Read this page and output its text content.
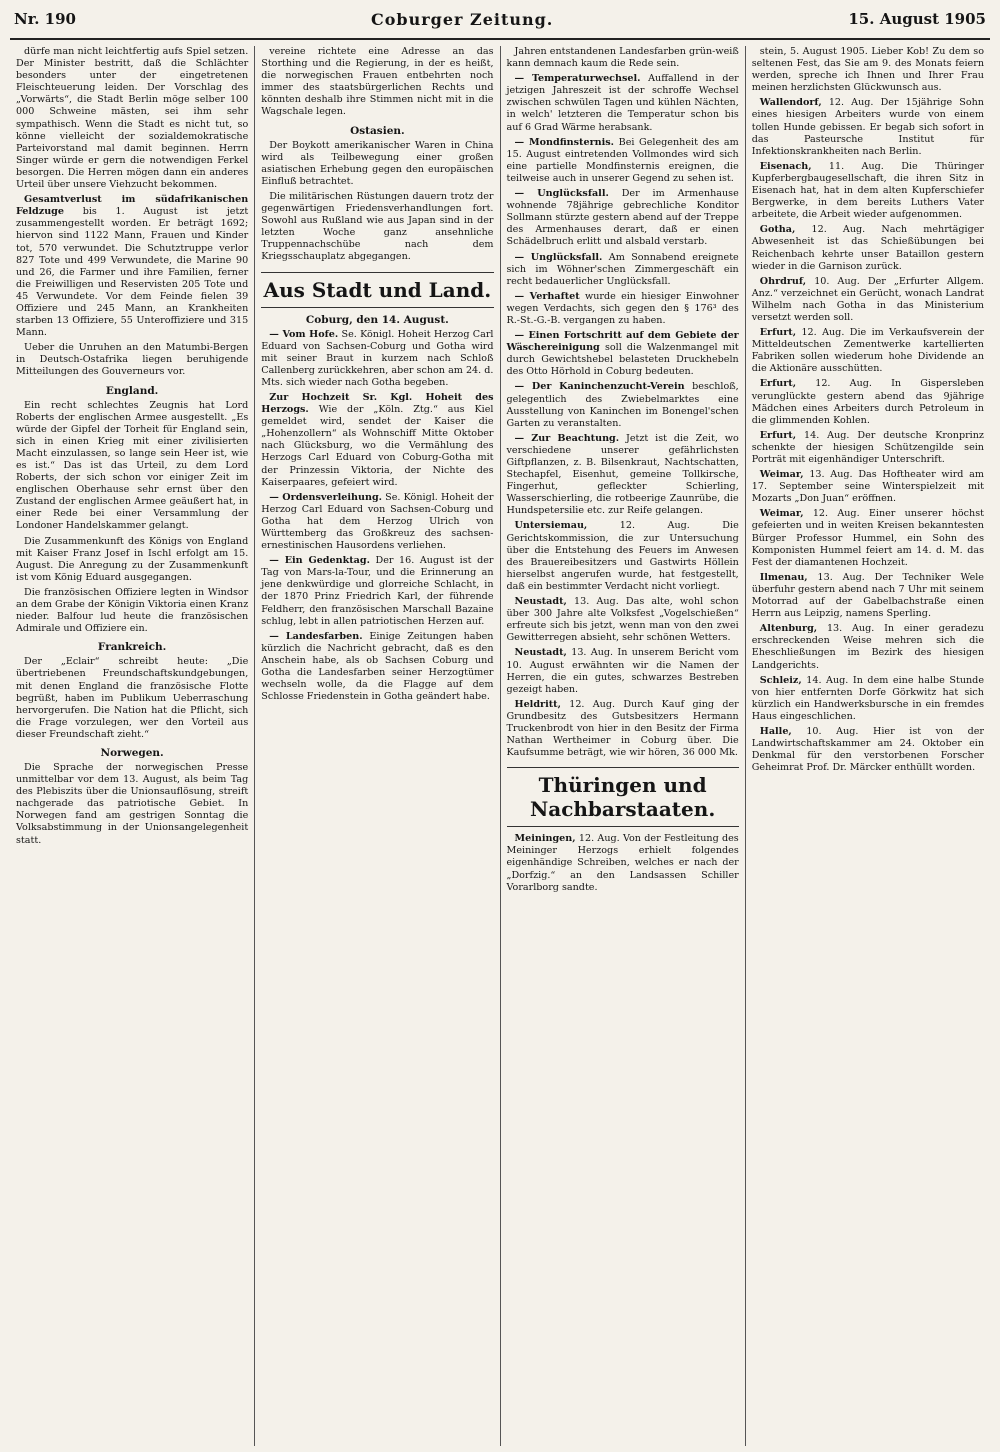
Nr. 190	Coburger Zeitung.	15. August 1905

dürfe man nicht leichtfertig aufs Spiel setzen. Der Minister bestritt, daß die Schlächter besonders unter der eingetretenen Fleischteuerung leiden. Der Vorschlag des „Vorwärts“, die Stadt Berlin möge selber 100 000 Schweine mästen, sei ihm sehr sympathisch. Wenn die Stadt es nicht tut, so könne vielleicht der sozialdemokratische Parteivorstand mal damit beginnen. Herrn Singer würde er gern die notwendigen Ferkel besorgen. Die Herren mögen dann ein anderes Urteil über unsere Viehzucht bekommen.

Gesamtverlust im südafrikanischen Feldzuge bis 1. August ist jetzt zusammengestellt worden. Er beträgt 1692; hiervon sind 1122 Mann, Frauen und Kinder tot, 570 verwundet. Die Schutztruppe verlor 827 Tote und 499 Verwundete, die Marine 90 und 26, die Farmer und ihre Familien, ferner die Freiwilligen und Reservisten 205 Tote und 45 Verwundete. Vor dem Feinde fielen 39 Offiziere und 245 Mann, an Krankheiten starben 13 Offiziere, 55 Unteroffiziere und 315 Mann.

Ueber die Unruhen an den Matumbi-Bergen in Deutsch-Ostafrika liegen beruhigende Mitteilungen des Gouverneurs vor.

England.

Ein recht schlechtes Zeugnis hat Lord Roberts der englischen Armee ausgestellt. „Es würde der Gipfel der Torheit für England sein, sich in einen Krieg mit einer zivilisierten Macht einzulassen, so lange sein Heer ist, wie es ist.“ Das ist das Urteil, zu dem Lord Roberts, der sich schon vor einiger Zeit im englischen Oberhause sehr ernst über den Zustand der englischen Armee geäußert hat, in einer Rede bei einer Versammlung der Londoner Handelskammer gelangt.

Die Zusammenkunft des Königs von England mit Kaiser Franz Josef in Ischl erfolgt am 15. August. Die Anregung zu der Zusammenkunft ist vom König Eduard ausgegangen.

Die französischen Offiziere legten in Windsor an dem Grabe der Königin Viktoria einen Kranz nieder. Balfour lud heute die französischen Admirale und Offiziere ein.

Frankreich.

Der „Eclair“ schreibt heute: „Die übertriebenen Freundschaftskundgebungen, mit denen England die französische Flotte begrüßt, haben im Publikum Ueberraschung hervorgerufen. Die Nation hat die Pflicht, sich die Frage vorzulegen, wer den Vorteil aus dieser Freundschaft zieht.“

Norwegen.

Die Sprache der norwegischen Presse unmittelbar vor dem 13. August, als beim Tag des Plebiszits über die Unionsauflösung, streift nachgerade das patriotische Gebiet. In Norwegen fand am gestrigen Sonntag die Volksabstimmung in der Unionsangelegenheit statt.

vereine richtete eine Adresse an das Storthing und die Regierung, in der es heißt, die norwegischen Frauen entbehrten noch immer des staatsbürgerlichen Rechts und könnten deshalb ihre Stimmen nicht mit in die Wagschale legen.

Ostasien.

Der Boykott amerikanischer Waren in China wird als Teilbewegung einer großen asiatischen Erhebung gegen den europäischen Einfluß betrachtet.

Die militärischen Rüstungen dauern trotz der gegenwärtigen Friedensverhandlungen fort. Sowohl aus Rußland wie aus Japan sind in der letzten Woche ganz ansehnliche Truppennachschübe nach dem Kriegsschauplatz abgegangen.

Aus Stadt und Land.
Coburg, den 14. August.

— Vom Hofe. Se. Königl. Hoheit Herzog Carl Eduard von Sachsen-Coburg und Gotha wird mit seiner Braut in kurzem nach Schloß Callenberg zurückkehren, aber schon am 24. d. Mts. sich wieder nach Gotha begeben.

Zur Hochzeit Sr. Kgl. Hoheit des Herzogs. Wie der „Köln. Ztg.“ aus Kiel gemeldet wird, sendet der Kaiser die „Hohenzollern“ als Wohnschiff Mitte Oktober nach Glücksburg, wo die Vermählung des Herzogs Carl Eduard von Coburg-Gotha mit der Prinzessin Viktoria, der Nichte des Kaiserpaares, gefeiert wird.

— Ordensverleihung. Se. Königl. Hoheit der Herzog Carl Eduard von Sachsen-Coburg und Gotha hat dem Herzog Ulrich von Württemberg das Großkreuz des sachsen-ernestinischen Hausordens verliehen.

— Ein Gedenktag. Der 16. August ist der Tag von Mars-la-Tour, und die Erinnerung an jene denkwürdige und glorreiche Schlacht, in der 1870 Prinz Friedrich Karl, der führende Feldherr, den französischen Marschall Bazaine schlug, lebt in allen patriotischen Herzen auf.

— Landesfarben. Einige Zeitungen haben kürzlich die Nachricht gebracht, daß es den Anschein habe, als ob Sachsen Coburg und Gotha die Landesfarben seiner Herzogtümer wechseln wolle, da die Flagge auf dem Schlosse Friedenstein in Gotha geändert habe.

Jahren entstandenen Landesfarben grün-weiß kann demnach kaum die Rede sein.

— Temperaturwechsel. Auffallend in der jetzigen Jahreszeit ist der schroffe Wechsel zwischen schwülen Tagen und kühlen Nächten, in welch' letzteren die Temperatur schon bis auf 6 Grad Wärme herabsank.

— Mondfinsternis. Bei Gelegenheit des am 15. August eintretenden Vollmondes wird sich eine partielle Mondfinsternis ereignen, die teilweise auch in unserer Gegend zu sehen ist.

— Unglücksfall. Der im Armenhause wohnende 78jährige gebrechliche Konditor Sollmann stürzte gestern abend auf der Treppe des Armenhauses derart, daß er einen Schädelbruch erlitt und alsbald verstarb.

— Unglücksfall. Am Sonnabend ereignete sich im Wöhner'schen Zimmergeschäft ein recht bedauerlicher Unglücksfall.

— Verhaftet wurde ein hiesiger Einwohner wegen Verdachts, sich gegen den § 176³ des R.-St.-G.-B. vergangen zu haben.

— Einen Fortschritt auf dem Gebiete der Wäschereinigung soll die Walzenmangel mit durch Gewichtshebel belasteten Druckhebeln des Otto Hörhold in Coburg bedeuten.

— Der Kaninchenzucht-Verein beschloß, gelegentlich des Zwiebelmarktes eine Ausstellung von Kaninchen im Bonengel'schen Garten zu veranstalten.

— Zur Beachtung. Jetzt ist die Zeit, wo verschiedene unserer gefährlichsten Giftpflanzen, z. B. Bilsenkraut, Nachtschatten, Stechapfel, Eisenhut, gemeine Tollkirsche, Fingerhut, gefleckter Schierling, Wasserschierling, die rotbeerige Zaunrübe, die Hundspetersilie etc. zur Reife gelangen.

Untersiemau,	12. Aug. Die Gerichtskommission, die zur Untersuchung über die Entstehung des Feuers im Anwesen des Brauereibesitzers und Gastwirts Höllein hierselbst angerufen wurde, hat festgestellt, daß ein bestimmter Verdacht nicht vorliegt.

Neustadt, 13. Aug. Das alte, wohl schon über 300 Jahre alte Volksfest „Vogelschießen“ erfreute sich bis jetzt, wenn man von den zwei Gewitterregen absieht, sehr schönen Wetters.

Neustadt, 13. Aug. In unserem Bericht vom 10. August erwähnten wir die Namen der Herren, die ein gutes, schwarzes Bestreben gezeigt haben.

Heldritt, 12. Aug. Durch Kauf ging der Grundbesitz des Gutsbesitzers Hermann Truckenbrodt von hier in den Besitz der Firma Nathan Wertheimer in Coburg über. Die Kaufsumme beträgt, wie wir hören, 36 000 Mk.

Thüringen und Nachbarstaaten.

Meiningen, 12. Aug. Von der Festleitung des Meininger Herzogs erhielt folgendes eigenhändige Schreiben, welches er nach der „Dorfzig.“ an den Landsassen Schiller Vorarlborg sandte.

stein, 5. August 1905. Lieber Kob! Zu dem so seltenen Fest, das Sie am 9. des Monats feiern werden, spreche ich Ihnen und Ihrer Frau meinen herzlichsten Glückwunsch aus.

Wallendorf, 12. Aug. Der 15jährige Sohn eines hiesigen Arbeiters wurde von einem tollen Hunde gebissen. Er begab sich sofort in das Pasteursche Institut für Infektionskrankheiten nach Berlin.

Eisenach, 11. Aug. Die Thüringer Kupferbergbaugesellschaft, die ihren Sitz in Eisenach hat, hat in dem alten Kupferschiefer Bergwerke, in dem bereits Luthers Vater arbeitete, die Arbeit wieder aufgenommen.

Gotha, 12. Aug. Nach mehrtägiger Abwesenheit ist das Schießübungen bei Reichenbach kehrte unser Bataillon gestern wieder in die Garnison zurück.

Ohrdruf, 10. Aug. Der „Erfurter Allgem. Anz.“ verzeichnet ein Gerücht, wonach Landrat Wilhelm nach Gotha in das Ministerium versetzt werden soll.

Erfurt, 12. Aug. Die im Verkaufsverein der Mitteldeutschen Zementwerke kartellierten Fabriken sollen wiederum hohe Dividende an die Aktionäre ausschütten.

Erfurt, 12. Aug. In Gispersleben verunglückte gestern abend das 9jährige Mädchen eines Arbeiters durch Petroleum in die glimmenden Kohlen.

Erfurt, 14. Aug. Der deutsche Kronprinz schenkte der hiesigen Schützengilde sein Porträt mit eigenhändiger Unterschrift.

Weimar, 13. Aug. Das Hoftheater wird am 17. September seine Winterspielzeit mit Mozarts „Don Juan“ eröffnen.

Weimar, 12. Aug. Einer unserer höchst gefeierten und in weiten Kreisen bekanntesten Bürger Professor Hummel, ein Sohn des Komponisten Hummel feiert am 14. d. M. das Fest der diamantenen Hochzeit.

Ilmenau, 13. Aug. Der Techniker Wele überfuhr gestern abend nach 7 Uhr mit seinem Motorrad auf der Gabelbachstraße einen Herrn aus Leipzig, namens Sperling.

Altenburg, 13. Aug. In einer geradezu erschreckenden Weise mehren sich die Eheschließungen im Bezirk des hiesigen Landgerichts.

Schleiz, 14. Aug. In dem eine halbe Stunde von hier entfernten Dorfe Görkwitz hat sich kürzlich ein Handwerksbursche in ein fremdes Haus eingeschlichen.

Halle, 10. Aug. Hier ist von der Landwirtschaftskammer am 24. Oktober ein Denkmal für den verstorbenen Forscher Geheimrat Prof. Dr. Märcker enthüllt worden.
